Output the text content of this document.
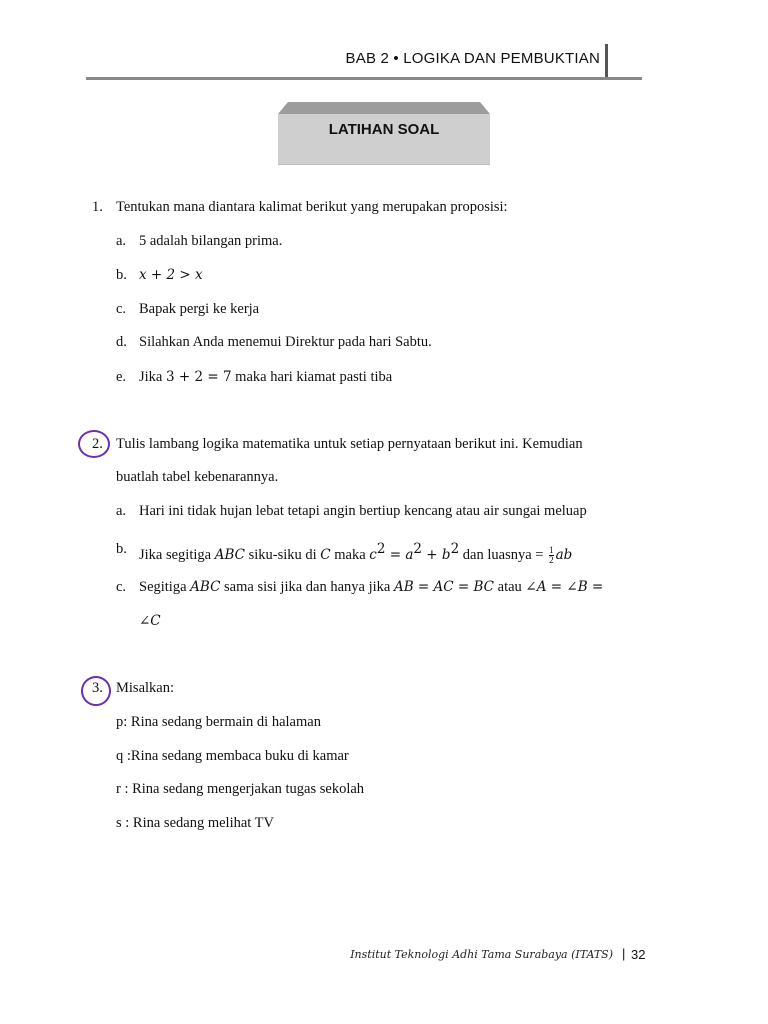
BAB 2 • LOGIKA DAN PEMBUKTIAN
LATIHAN SOAL
1. Tentukan mana diantara kalimat berikut yang merupakan proposisi:
a. 5 adalah bilangan prima.
b. x + 2 > x
c. Bapak pergi ke kerja
d. Silahkan Anda menemui Direktur pada hari Sabtu.
e. Jika 3 + 2 = 7 maka hari kiamat pasti tiba
2. Tulis lambang logika matematika untuk setiap pernyataan berikut ini. Kemudian
buatlah tabel kebenarannya.
a. Hari ini tidak hujan lebat tetapi angin bertiup kencang atau air sungai meluap
b. Jika segitiga ABC siku-siku di C maka $c^2 = a^2 + b^2$ dan luasnya = $\frac{1}{2}$ ab
c. Segitiga ABC sama sisi jika dan hanya jika AB = AC = BC atau ∠A = ∠B =
∠C
3. Misalkan:
p: Rina sedang bermain di halaman
q :Rina sedang membaca buku di kamar
r : Rina sedang mengerjakan tugas sekolah
s : Rina sedang melihat TV
Institut Teknologi Adhi Tama Surabaya (ITATS) | 32
